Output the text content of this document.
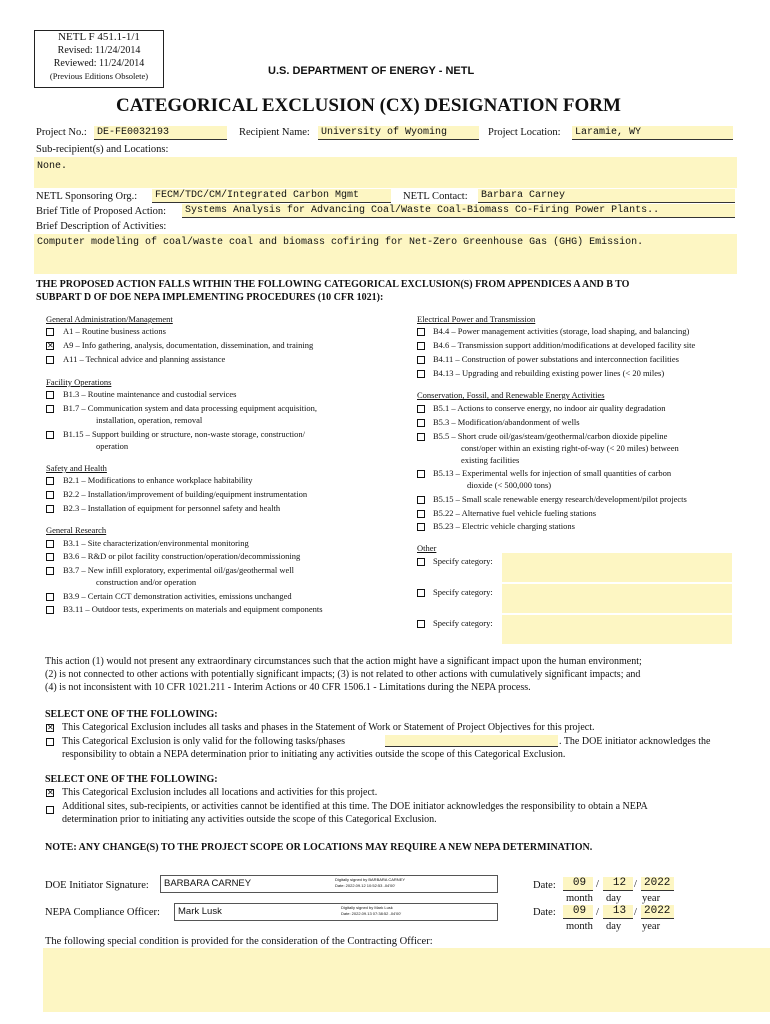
NETL F 451.1-1/1
Revised: 11/24/2014
Reviewed: 11/24/2014
(Previous Editions Obsolete)	U.S. DEPARTMENT OF ENERGY - NETL
CATEGORICAL EXCLUSION (CX) DESIGNATION FORM
Project No.:	DE-FE0032193	Recipient Name:	University of Wyoming	Project Location:	Laramie, WY
Sub-recipient(s) and Locations:
None.
NETL Sponsoring Org.:	FECM/TDC/CM/Integrated Carbon Mgmt	NETL Contact:	Barbara Carney
Brief Title of Proposed Action:	Systems Analysis for Advancing Coal/Waste Coal-Biomass Co-Firing Power Plants..
Brief Description of Activities:
Computer modeling of coal/waste coal and biomass cofiring for Net-Zero Greenhouse Gas (GHG) Emission.
THE PROPOSED ACTION FALLS WITHIN THE FOLLOWING CATEGORICAL EXCLUSION(S) FROM APPENDICES A AND B TO
SUBPART D OF DOE NEPA IMPLEMENTING PROCEDURES (10 CFR 1021):
General Administration/Management
A1 – Routine business actions
✕ A9 – Info gathering, analysis, documentation, dissemination, and training
A11 – Technical advice and planning assistance
Facility Operations
B1.3 – Routine maintenance and custodial services
B1.7 – Communication system and data processing equipment acquisition,
installation, operation, removal
B1.15 – Support building or structure, non-waste storage, construction/
operation
Safety and Health
B2.1 – Modifications to enhance workplace habitability
B2.2 – Installation/improvement of building/equipment instrumentation
B2.3 – Installation of equipment for personnel safety and health
General Research
B3.1 – Site characterization/environmental monitoring
B3.6 – R&D or pilot facility construction/operation/decommissioning
B3.7 – New infill exploratory, experimental oil/gas/geothermal well
construction and/or operation
B3.9 – Certain CCT demonstration activities, emissions unchanged
B3.11 – Outdoor tests, experiments on materials and equipment components
Electrical Power and Transmission
B4.4 – Power management activities (storage, load shaping, and balancing)
B4.6 – Transmission support addition/modifications at developed facility site
B4.11 – Construction of power substations and interconnection facilities
B4.13 – Upgrading and rebuilding existing power lines (< 20 miles)
Conservation, Fossil, and Renewable Energy Activities
B5.1 – Actions to conserve energy, no indoor air quality degradation
B5.3 – Modification/abandonment of wells
B5.5 – Short crude oil/gas/steam/geothermal/carbon dioxide pipeline
const/oper within an existing right-of-way (< 20 miles) between
existing facilities
B5.13 – Experimental wells for injection of small quantities of carbon
dioxide (< 500,000 tons)
B5.15 – Small scale renewable energy research/development/pilot projects
B5.22 – Alternative fuel vehicle fueling stations
B5.23 – Electric vehicle charging stations
Other
Specify category:
Specify category:
Specify category:
This action (1) would not present any extraordinary circumstances such that the action might have a significant impact upon the human environment;
(2) is not connected to other actions with potentially significant impacts; (3) is not related to other actions with cumulatively significant impacts; and
(4) is not inconsistent with 10 CFR 1021.211 - Interim Actions or 40 CFR 1506.1 - Limitations during the NEPA process.
SELECT ONE OF THE FOLLOWING:
✕ This Categorical Exclusion includes all tasks and phases in the Statement of Work or Statement of Project Objectives for this project.
This Categorical Exclusion is only valid for the following tasks/phases	. The DOE initiator acknowledges the
responsibility to obtain a NEPA determination prior to initiating any activities outside the scope of this Categorical Exclusion.
SELECT ONE OF THE FOLLOWING:
✕ This Categorical Exclusion includes all locations and activities for this project.
Additional sites, sub-recipients, or activities cannot be identified at this time. The DOE initiator acknowledges the responsibility to obtain a NEPA
determination prior to initiating any activities outside the scope of this Categorical Exclusion.
NOTE: ANY CHANGE(S) TO THE PROJECT SCOPE OR LOCATIONS MAY REQUIRE A NEW NEPA DETERMINATION.
DOE Initiator Signature: BARBARA CARNEY	Digitally signed by BARBARA CARNEY
Date: 2022.09.12 10:52:53 -04'00'
NEPA Compliance Officer: Mark Lusk	Digitally signed by Mark Lusk
Date: 2022.09.13 07:38:52 -04'00'
Date:	09 /	12 / 2022
month day year
Date:	09 /	13 / 2022
month day year
The following special condition is provided for the consideration of the Contracting Officer:
